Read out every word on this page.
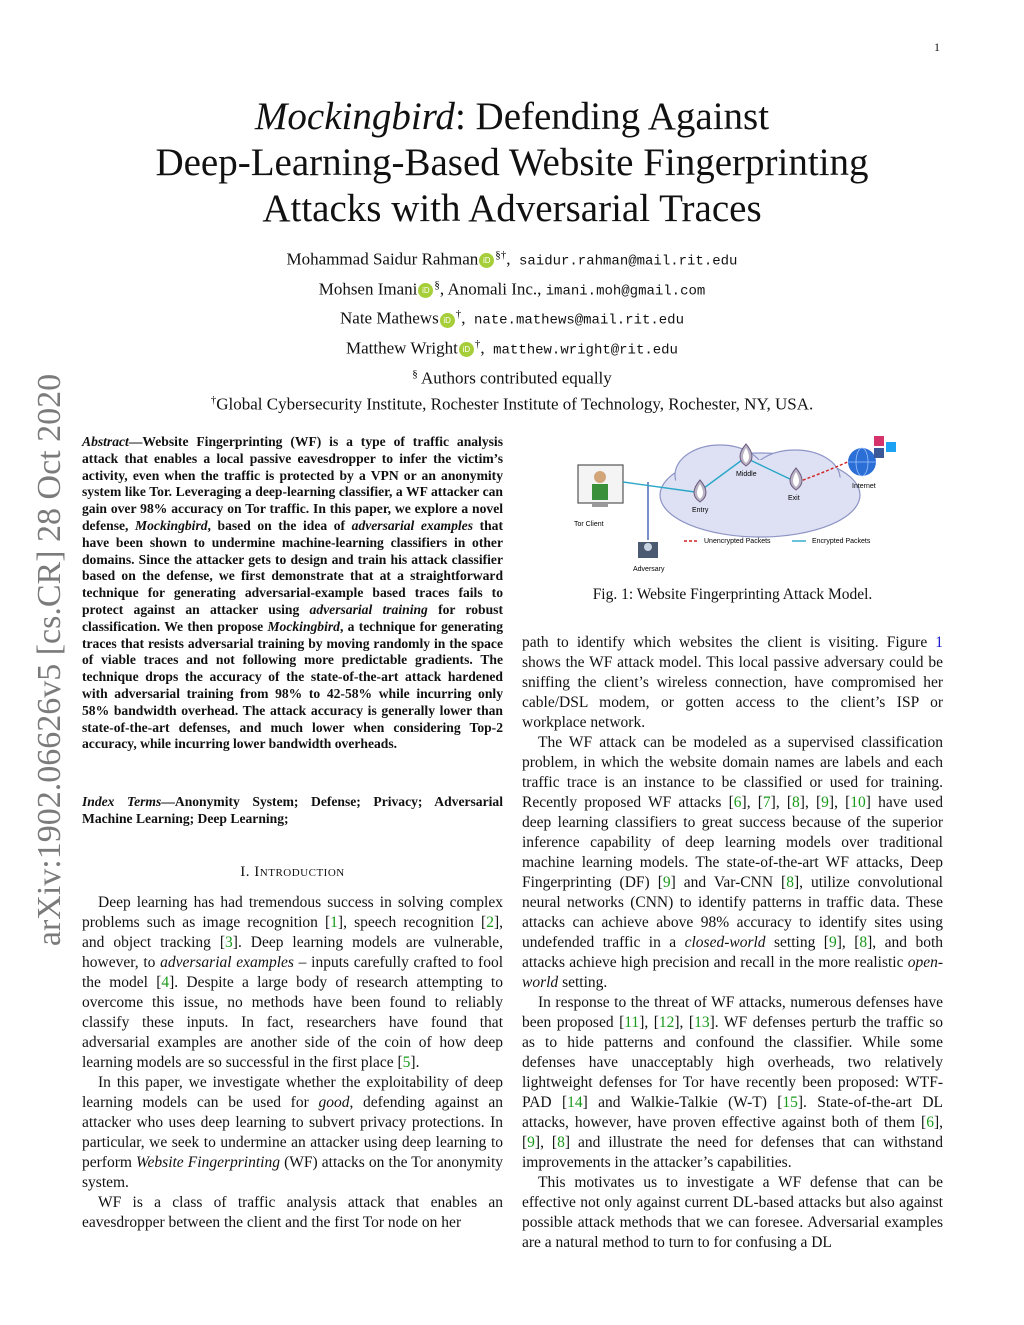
1
arXiv:1902.06626v5 [cs.CR] 28 Oct 2020
Mockingbird: Defending Against
Deep-Learning-Based Website Fingerprinting
Attacks with Adversarial Traces
Mohammad Saidur Rahman iD §†,  saidur.rahman@mail.rit.edu
Mohsen Imani iD §, Anomali Inc., imani.moh@gmail.com
Nate Mathews iD †,  nate.mathews@mail.rit.edu
Matthew Wright iD †,  matthew.wright@rit.edu
§ Authors contributed equally
†Global Cybersecurity Institute, Rochester Institute of Technology, Rochester, NY, USA.
Abstract—Website Fingerprinting (WF) is a type of traffic analysis attack that enables a local passive eavesdropper to infer the victim’s activity, even when the traffic is protected by a VPN or an anonymity system like Tor. Leveraging a deep-learning classifier, a WF attacker can gain over 98% accuracy on Tor traffic. In this paper, we explore a novel defense, Mockingbird, based on the idea of adversarial examples that have been shown to undermine machine-learning classifiers in other domains. Since the attacker gets to design and train his attack classifier based on the defense, we first demonstrate that at a straightforward technique for generating adversarial-example based traces fails to protect against an attacker using adversarial training for robust classification. We then propose Mockingbird, a technique for generating traces that resists adversarial training by moving randomly in the space of viable traces and not following more predictable gradients. The technique drops the accuracy of the state-of-the-art attack hardened with adversarial training from 98% to 42-58% while incurring only 58% bandwidth overhead. The attack accuracy is generally lower than state-of-the-art defenses, and much lower when considering Top-2 accuracy, while incurring lower bandwidth overheads.
Index Terms—Anonymity System; Defense; Privacy; Adversarial Machine Learning; Deep Learning;
I. Introduction

Deep learning has had tremendous success in solving complex problems such as image recognition [1], speech recognition [2], and object tracking [3]. Deep learning models are vulnerable, however, to adversarial examples – inputs carefully crafted to fool the model [4]. Despite a large body of research attempting to overcome this issue, no methods have been found to reliably classify these inputs. In fact, researchers have found that adversarial examples are another side of the coin of how deep learning models are so successful in the first place [5].

In this paper, we investigate whether the exploitability of deep learning models can be used for good, defending against an attacker who uses deep learning to subvert privacy protections. In particular, we seek to undermine an attacker using deep learning to perform Website Fingerprinting (WF) attacks on the Tor anonymity system.

WF is a class of traffic analysis attack that enables an eavesdropper between the client and the first Tor node on her

Tor Client
Adversary
Entry
Middle
Exit
Internet
Unencrypted Packets	Encrypted Packets
Fig. 1: Website Fingerprinting Attack Model.

path to identify which websites the client is visiting. Figure 1 shows the WF attack model. This local passive adversary could be sniffing the client’s wireless connection, have compromised her cable/DSL modem, or gotten access to the client’s ISP or workplace network.

The WF attack can be modeled as a supervised classification problem, in which the website domain names are labels and each traffic trace is an instance to be classified or used for training. Recently proposed WF attacks [6], [7], [8], [9], [10] have used deep learning classifiers to great success because of the superior inference capability of deep learning models over traditional machine learning models. The state-of-the-art WF attacks, Deep Fingerprinting (DF) [9] and Var-CNN [8], utilize convolutional neural networks (CNN) to identify patterns in traffic data. These attacks can achieve above 98% accuracy to identify sites using undefended traffic in a closed-world setting [9], [8], and both attacks achieve high precision and recall in the more realistic open-world setting.

In response to the threat of WF attacks, numerous defenses have been proposed [11], [12], [13]. WF defenses perturb the traffic so as to hide patterns and confound the classifier. While some defenses have unacceptably high overheads, two relatively lightweight defenses for Tor have recently been proposed: WTF-PAD [14] and Walkie-Talkie (W-T) [15]. State-of-the-art DL attacks, however, have proven effective against both of them [6], [9], [8] and illustrate the need for defenses that can withstand improvements in the attacker’s capabilities.

This motivates us to investigate a WF defense that can be effective not only against current DL-based attacks but also against possible attack methods that we can foresee. Adversarial examples are a natural method to turn to for confusing a DL
